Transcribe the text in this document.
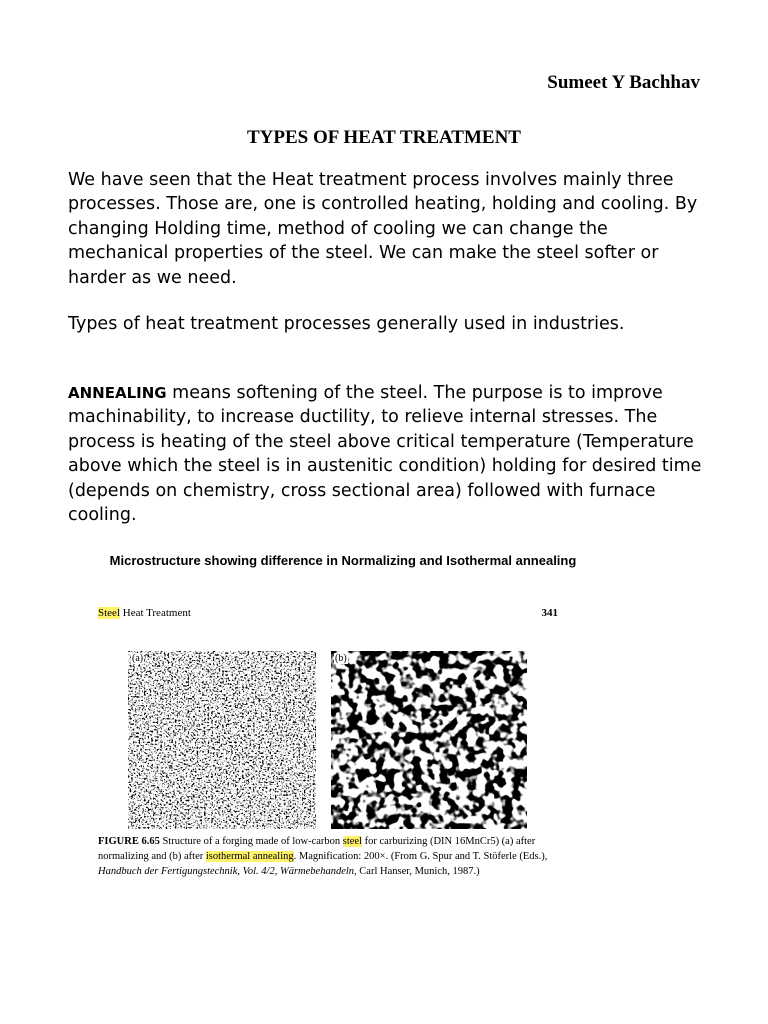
Sumeet Y Bachhav
TYPES OF HEAT TREATMENT

We have seen that the Heat treatment process involves mainly three processes. Those are, one is controlled heating, holding and cooling. By changing Holding time, method of cooling we can change the mechanical properties of the steel. We can make the steel softer or harder as we need.

Types of heat treatment processes generally used in industries.

ANNEALING means softening of the steel. The purpose is to improve machinability, to increase ductility, to relieve internal stresses. The process is heating of the steel above critical temperature (Temperature above which the steel is in austenitic condition) holding for desired time (depends on chemistry, cross sectional area) followed with furnace cooling.

Microstructure showing difference in Normalizing and Isothermal annealing
Steel Heat Treatment	341
(a)	(b)
FIGURE 6.65 Structure of a forging made of low-carbon steel for carburizing (DIN 16MnCr5) (a) after normalizing and (b) after isothermal annealing. Magnification: 200×. (From G. Spur and T. Stöferle (Eds.), Handbuch der Fertigungstechnik, Vol. 4/2, Wärmebehandeln, Carl Hanser, Munich, 1987.)
